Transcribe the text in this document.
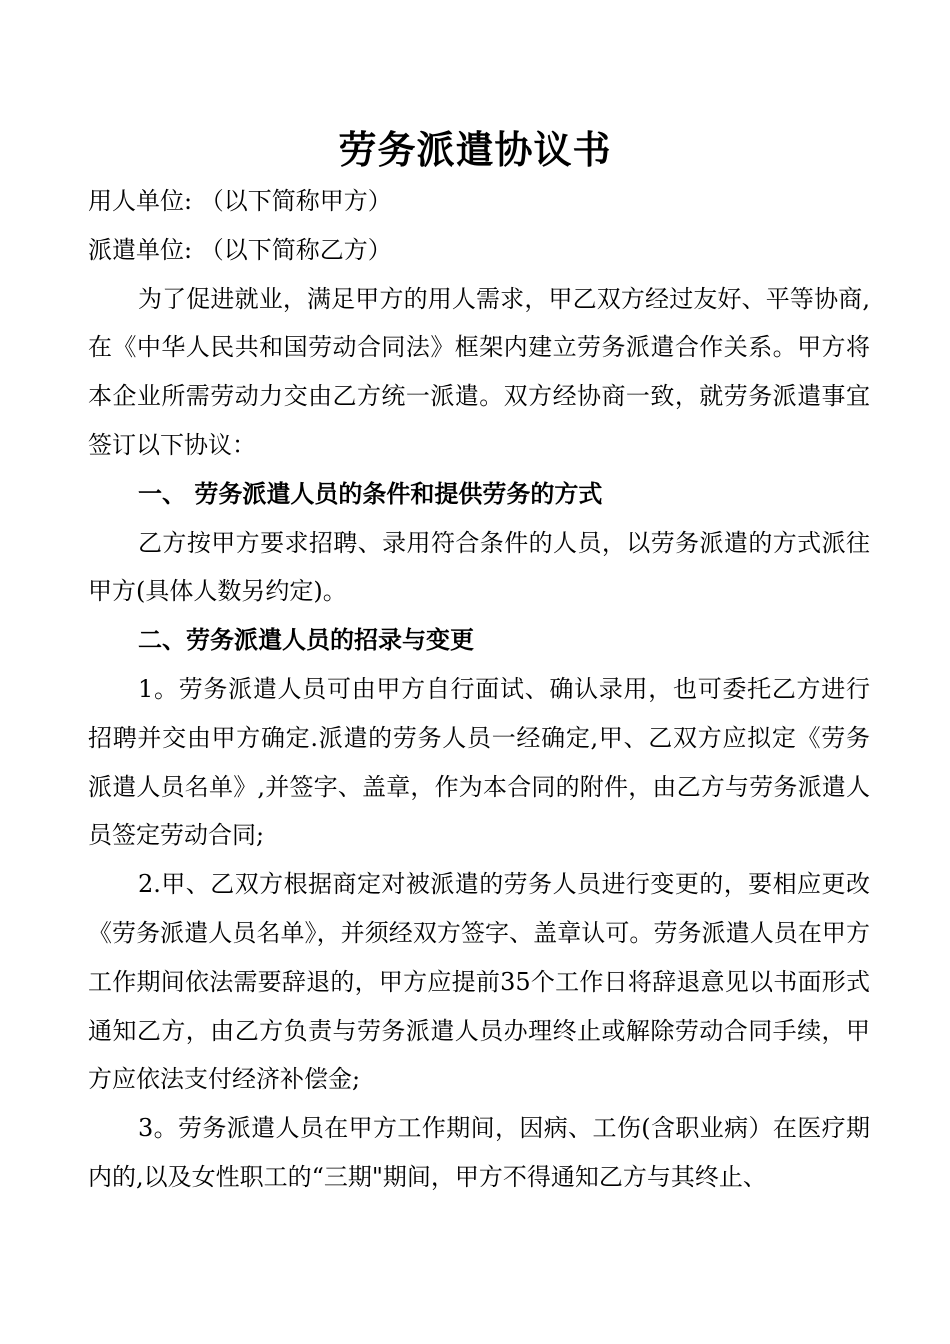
劳务派遣协议书

用人单位: （以下简称甲方）

派遣单位: （以下简称乙方）

为了促进就业，满足甲方的用人需求，甲乙双方经过友好、平等协商,在《中华人民共和国劳动合同法》框架内建立劳务派遣合作关系。甲方将本企业所需劳动力交由乙方统一派遣。双方经协商一致，就劳务派遣事宜签订以下协议：

一、 劳务派遣人员的条件和提供劳务的方式

乙方按甲方要求招聘、录用符合条件的人员，以劳务派遣的方式派往甲方(具体人数另约定)。

二、劳务派遣人员的招录与变更

1。劳务派遣人员可由甲方自行面试、确认录用，也可委托乙方进行招聘并交由甲方确定.派遣的劳务人员一经确定,甲、乙双方应拟定《劳务派遣人员名单》,并签字、盖章，作为本合同的附件，由乙方与劳务派遣人员签定劳动合同;

2.甲、乙双方根据商定对被派遣的劳务人员进行变更的，要相应更改《劳务派遣人员名单》，并须经双方签字、盖章认可。劳务派遣人员在甲方工作期间依法需要辞退的，甲方应提前35个工作日将辞退意见以书面形式通知乙方，由乙方负责与劳务派遣人员办理终止或解除劳动合同手续，甲方应依法支付经济补偿金;

3。劳务派遣人员在甲方工作期间，因病、工伤(含职业病）在医疗期内的,以及女性职工的“三期"期间，甲方不得通知乙方与其终止、
